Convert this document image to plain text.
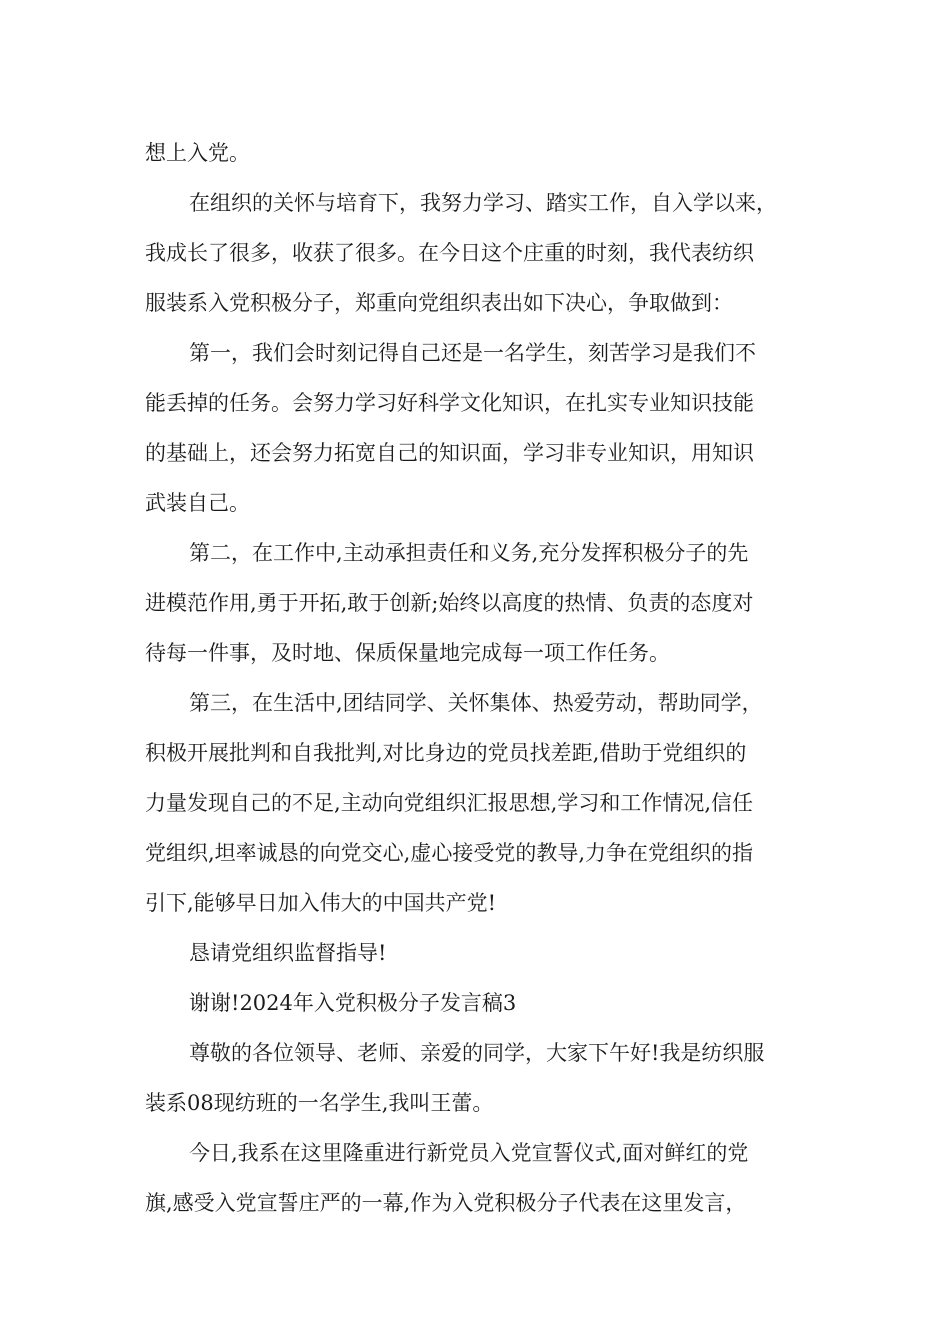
想上入党。
在组织的关怀与培育下，我努力学习、踏实工作，自入学以来，
我成长了很多，收获了很多。在今日这个庄重的时刻，我代表纺织
服装系入党积极分子，郑重向党组织表出如下决心，争取做到：
第一，我们会时刻记得自己还是一名学生，刻苦学习是我们不
能丢掉的任务。会努力学习好科学文化知识，在扎实专业知识技能
的基础上，还会努力拓宽自己的知识面，学习非专业知识，用知识
武装自己。
第二，在工作中,主动承担责任和义务,充分发挥积极分子的先
进模范作用,勇于开拓,敢于创新;始终以高度的热情、负责的态度对
待每一件事，及时地、保质保量地完成每一项工作任务。
第三，在生活中,团结同学、关怀集体、热爱劳动，帮助同学，
积极开展批判和自我批判,对比身边的党员找差距,借助于党组织的
力量发现自己的不足,主动向党组织汇报思想,学习和工作情况,信任
党组织,坦率诚恳的向党交心,虚心接受党的教导,力争在党组织的指
引下,能够早日加入伟大的中国共产党!
恳请党组织监督指导!
谢谢!2024年入党积极分子发言稿3
尊敬的各位领导、老师、亲爱的同学，大家下午好!我是纺织服
装系08现纺班的一名学生,我叫王蕾。
今日,我系在这里隆重进行新党员入党宣誓仪式,面对鲜红的党
旗,感受入党宣誓庄严的一幕,作为入党积极分子代表在这里发言，
